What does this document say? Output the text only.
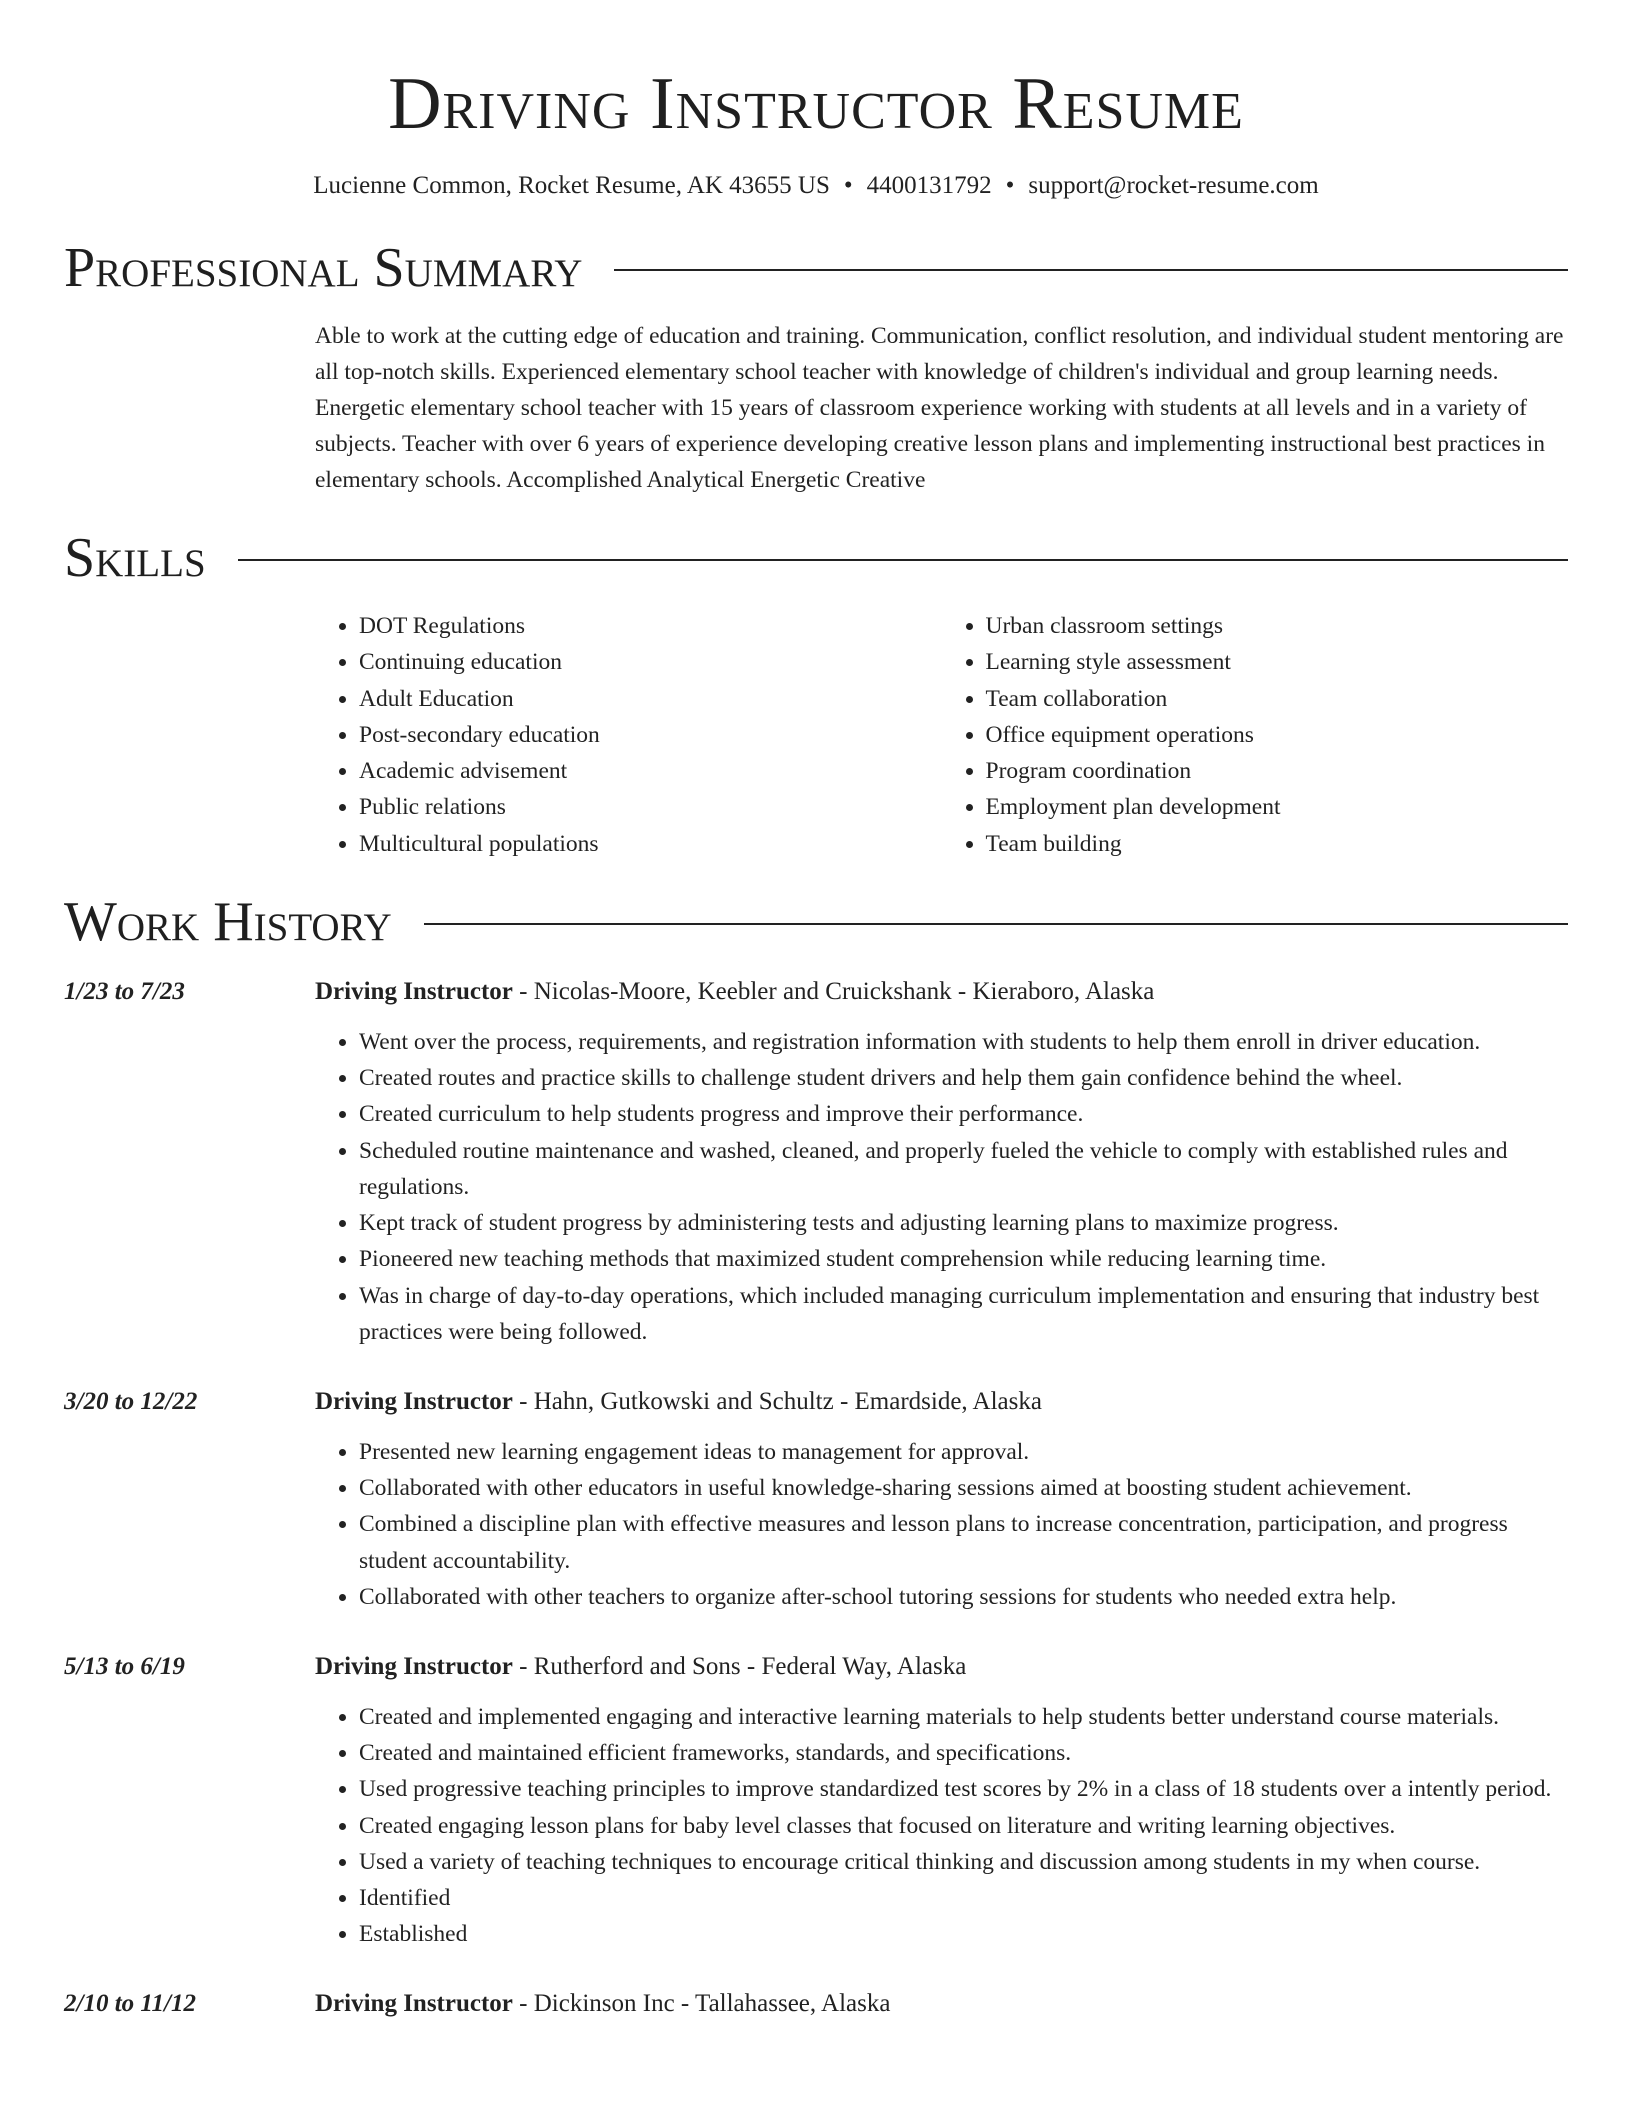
Driving Instructor Resume
Lucienne Common, Rocket Resume, AK 43655 US • 4400131792 • support@rocket-resume.com
Professional Summary
Able to work at the cutting edge of education and training. Communication, conflict resolution, and individual student mentoring are all top-notch skills. Experienced elementary school teacher with knowledge of children's individual and group learning needs. Energetic elementary school teacher with 15 years of classroom experience working with students at all levels and in a variety of subjects. Teacher with over 6 years of experience developing creative lesson plans and implementing instructional best practices in elementary schools. Accomplished Analytical Energetic Creative
Skills
• DOT Regulations
• Continuing education
• Adult Education
• Post-secondary education
• Academic advisement
• Public relations
• Multicultural populations
• Urban classroom settings
• Learning style assessment
• Team collaboration
• Office equipment operations
• Program coordination
• Employment plan development
• Team building
Work History
1/23 to 7/23	Driving Instructor - Nicolas-Moore, Keebler and Cruickshank - Kieraboro, Alaska
• Went over the process, requirements, and registration information with students to help them enroll in driver education.
• Created routes and practice skills to challenge student drivers and help them gain confidence behind the wheel.
• Created curriculum to help students progress and improve their performance.
• Scheduled routine maintenance and washed, cleaned, and properly fueled the vehicle to comply with established rules and regulations.
• Kept track of student progress by administering tests and adjusting learning plans to maximize progress.
• Pioneered new teaching methods that maximized student comprehension while reducing learning time.
• Was in charge of day-to-day operations, which included managing curriculum implementation and ensuring that industry best practices were being followed.
3/20 to 12/22	Driving Instructor - Hahn, Gutkowski and Schultz - Emardside, Alaska
• Presented new learning engagement ideas to management for approval.
• Collaborated with other educators in useful knowledge-sharing sessions aimed at boosting student achievement.
• Combined a discipline plan with effective measures and lesson plans to increase concentration, participation, and progress student accountability.
• Collaborated with other teachers to organize after-school tutoring sessions for students who needed extra help.
5/13 to 6/19	Driving Instructor - Rutherford and Sons - Federal Way, Alaska
• Created and implemented engaging and interactive learning materials to help students better understand course materials.
• Created and maintained efficient frameworks, standards, and specifications.
• Used progressive teaching principles to improve standardized test scores by 2% in a class of 18 students over a intently period.
• Created engaging lesson plans for baby level classes that focused on literature and writing learning objectives.
• Used a variety of teaching techniques to encourage critical thinking and discussion among students in my when course.
• Identified
• Established
2/10 to 11/12	Driving Instructor - Dickinson Inc - Tallahassee, Alaska
